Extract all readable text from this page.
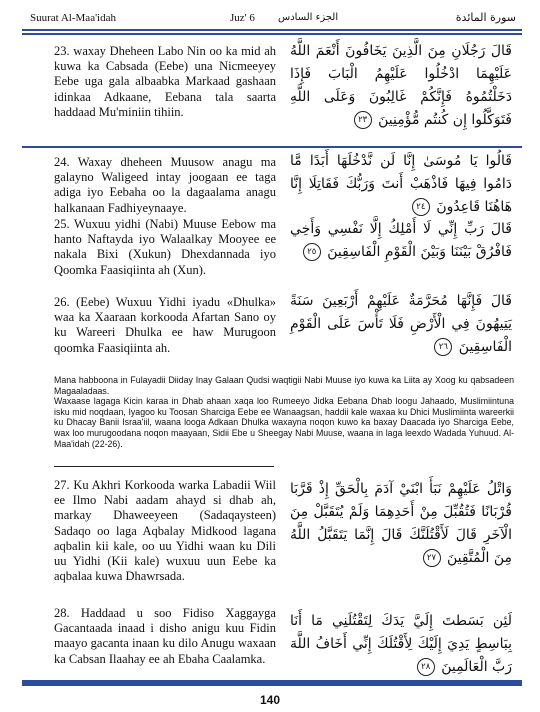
Suurat Al-Maa'idah	Juz' 6 الجزء السادس	سورة المائدة
23. waxay Dheheen Labo Nin oo ka mid ah kuwa ka Cabsada (Eebe) una Nicmeeyey Eebe uga gala albaabka Markaad gashaan idinkaa Adkaane, Eebana tala saarta haddaad Mu'miniin tihiin.
قَالَ رَجُلَانِ مِنَ الَّذِينَ يَخَافُونَ أَنْعَمَ اللَّهُ عَلَيْهِمَا ادْخُلُوا عَلَيْهِمُ الْبَابَ فَإِذَا دَخَلْتُمُوهُ فَإِنَّكُمْ غَالِبُونَ وَعَلَى اللَّهِ فَتَوَكَّلُوا إِن كُنتُم مُّؤْمِنِينَ ٢٣
24. Waxay dheheen Muusow anagu ma galayno Waligeed intay joogaan ee taga adiga iyo Eebaha oo la dagaalama anagu halkanaan Fadhiyeynaaye.
قَالُوا يَا مُوسَىٰ إِنَّا لَن نَّدْخُلَهَا أَبَدًا مَّا دَامُوا فِيهَا فَاذْهَبْ أَنتَ وَرَبُّكَ فَقَاتِلَا إِنَّا هَاهُنَا قَاعِدُونَ ٢٤
25. Wuxuu yidhi (Nabi) Muuse Eebow ma hanto Naftayda iyo Walaalkay Mooyee ee nakala Bixi (Xukun) Dhexdannada iyo Qoomka Faasiqiinta ah (Xun).
قَالَ رَبِّ إِنِّي لَا أَمْلِكُ إِلَّا نَفْسِي وَأَخِي فَافْرُقْ بَيْنَنَا وَبَيْنَ الْقَوْمِ الْفَاسِقِينَ ٢٥
26. (Eebe) Wuxuu Yidhi iyadu «Dhulka» waa ka Xaaraan korkooda Afartan Sano oy ku Wareeri Dhulka ee haw Murugoon qoomka Faasiqiinta ah.
قَالَ فَإِنَّهَا مُحَرَّمَةٌ عَلَيْهِمْ أَرْبَعِينَ سَنَةً يَتِيهُونَ فِي الْأَرْضِ فَلَا تَأْسَ عَلَى الْقَوْمِ الْفَاسِقِينَ ٢٦
Mana habboona in Fulayadii Diiday Inay Galaan Qudsi waqtigii Nabi Muuse iyo kuwa ka Liita ay Xoog ku qabsadeen Magaaladaas.
Waxaase lagaga Kicin karaa in Dhab ahaan xaqa loo Rumeeyo Jidka Eebana Dhab loogu Jahaado, Muslimiintuna isku mid noqdaan, Iyagoo ku Toosan Sharciga Eebe ee Wanaagsan, haddii kale waxaa ku Dhici Muslimiinta wareerkii ku Dhacay Banii Israa'iil, waana looga Adkaan Dhulka waxayna noqon kuwo ka baxay Daacada iyo Sharciga Eebe, wax loo murugoodana noqon maayaan, Sidii Ebe u Sheegay Nabi Muuse, waana in laga leexdo Wadada Yuhuud. Al-Maa'idah (22-26).
27. Ku Akhri Korkooda warka Labadii Wiil ee Ilmo Nabi aadam ahayd si dhab ah, markay Dhaweeyeen (Sadaqaysteen) Sadaqo oo laga Aqbalay Midkood lagana aqbalin kii kale, oo uu Yidhi waan ku Dili uu Yidhi (Kii kale) wuxuu uun Eebe ka aqbalaa kuwa Dhawrsada.
وَاتْلُ عَلَيْهِمْ نَبَأَ ابْنَيْ آدَمَ بِالْحَقِّ إِذْ قَرَّبَا قُرْبَانًا فَتُقُبِّلَ مِنْ أَحَدِهِمَا وَلَمْ يُتَقَبَّلْ مِنَ الْآخَرِ قَالَ لَأَقْتُلَنَّكَ قَالَ إِنَّمَا يَتَقَبَّلُ اللَّهُ مِنَ الْمُتَّقِينَ ٢٧
28. Haddaad u soo Fidiso Xaggayga Gacantaada inaad i disho anigu kuu Fidin maayo gacanta inaan ku dilo Anugu waxaan ka Cabsan Ilaahay ee ah Ebaha Caalamka.
لَئِن بَسَطتَ إِلَيَّ يَدَكَ لِتَقْتُلَنِي مَا أَنَا بِبَاسِطٍ يَدِيَ إِلَيْكَ لِأَقْتُلَكَ إِنِّي أَخَافُ اللَّهَ رَبَّ الْعَالَمِينَ ٢٨
140
